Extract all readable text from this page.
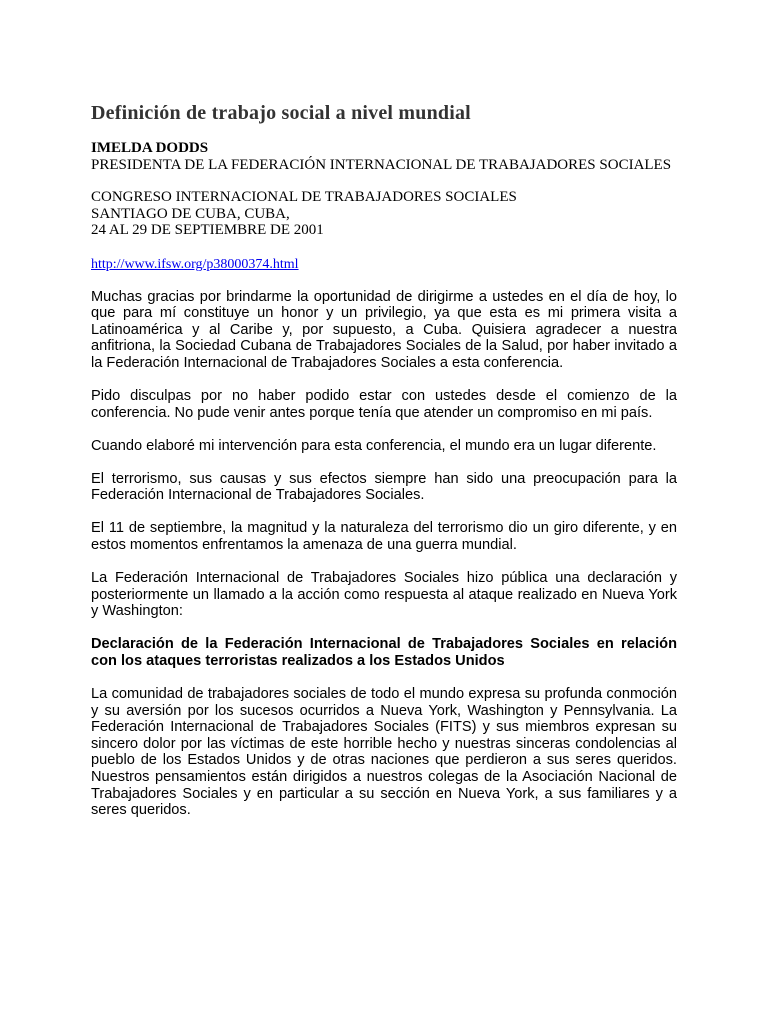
Definición de trabajo social a nivel mundial
IMELDA DODDS
PRESIDENTA DE LA FEDERACIÓN INTERNACIONAL DE TRABAJADORES SOCIALES
CONGRESO INTERNACIONAL DE TRABAJADORES SOCIALES
SANTIAGO DE CUBA, CUBA,
24 AL 29 DE SEPTIEMBRE DE 2001
http://www.ifsw.org/p38000374.html

Muchas gracias por brindarme la oportunidad de dirigirme a ustedes en el día de hoy, lo que para mí constituye un honor y un privilegio, ya que esta es mi primera visita a Latinoamérica y al Caribe y, por supuesto, a Cuba. Quisiera agradecer a nuestra anfitriona, la Sociedad Cubana de Trabajadores Sociales de la Salud, por haber invitado a la Federación Internacional de Trabajadores Sociales a esta conferencia.

Pido disculpas por no haber podido estar con ustedes desde el comienzo de la conferencia. No pude venir antes porque tenía que atender un compromiso en mi país.

Cuando elaboré mi intervención para esta conferencia, el mundo era un lugar diferente.

El terrorismo, sus causas y sus efectos siempre han sido una preocupación para la Federación Internacional de Trabajadores Sociales.

El 11 de septiembre, la magnitud y la naturaleza del terrorismo dio un giro diferente, y en estos momentos enfrentamos la amenaza de una guerra mundial.

La Federación Internacional de Trabajadores Sociales hizo pública una declaración y posteriormente un llamado a la acción como respuesta al ataque realizado en Nueva York y Washington:

Declaración de la Federación Internacional de Trabajadores Sociales en relación con los ataques terroristas realizados a los Estados Unidos

La comunidad de trabajadores sociales de todo el mundo expresa su profunda conmoción y su aversión por los sucesos ocurridos a Nueva York, Washington y Pennsylvania. La Federación Internacional de Trabajadores Sociales (FITS) y sus miembros expresan su sincero dolor por las víctimas de este horrible hecho y nuestras sinceras condolencias al pueblo de los Estados Unidos y de otras naciones que perdieron a sus seres queridos. Nuestros pensamientos están dirigidos a nuestros colegas de la Asociación Nacional de Trabajadores Sociales y en particular a su sección en Nueva York, a sus familiares y a seres queridos.
